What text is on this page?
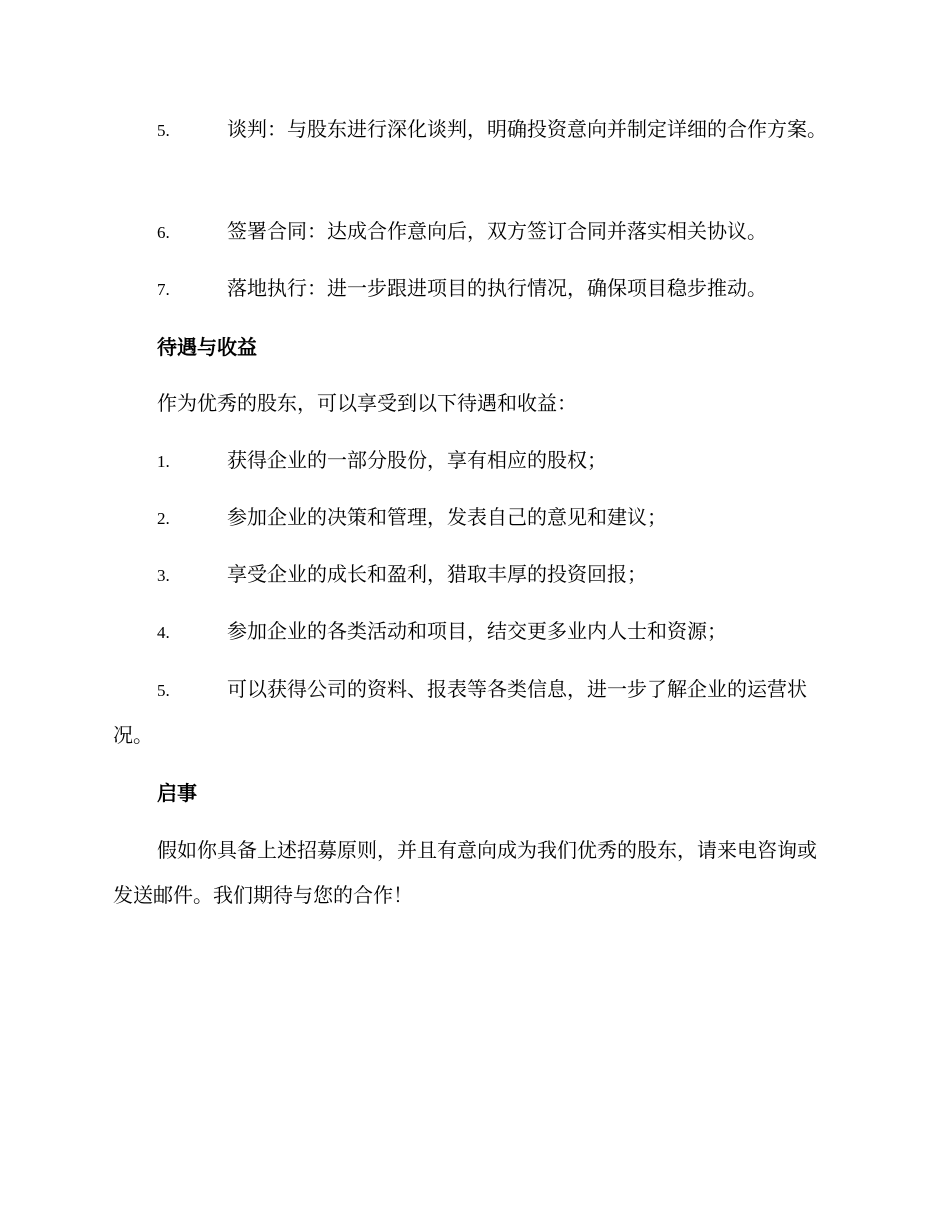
5.	谈判：与股东进行深化谈判，明确投资意向并制定详细的合作方案。

6.	签署合同：达成合作意向后，双方签订合同并落实相关协议。

7.	落地执行：进一步跟进项目的执行情况，确保项目稳步推动。

待遇与收益

作为优秀的股东，可以享受到以下待遇和收益：

1.	获得企业的一部分股份，享有相应的股权；

2.	参加企业的决策和管理，发表自己的意见和建议；

3.	享受企业的成长和盈利，猎取丰厚的投资回报；

4.	参加企业的各类活动和项目，结交更多业内人士和资源；

5.	可以获得公司的资料、报表等各类信息，进一步了解企业的运营状况。

启事

假如你具备上述招募原则，并且有意向成为我们优秀的股东，请来电咨询或发送邮件。我们期待与您的合作！
